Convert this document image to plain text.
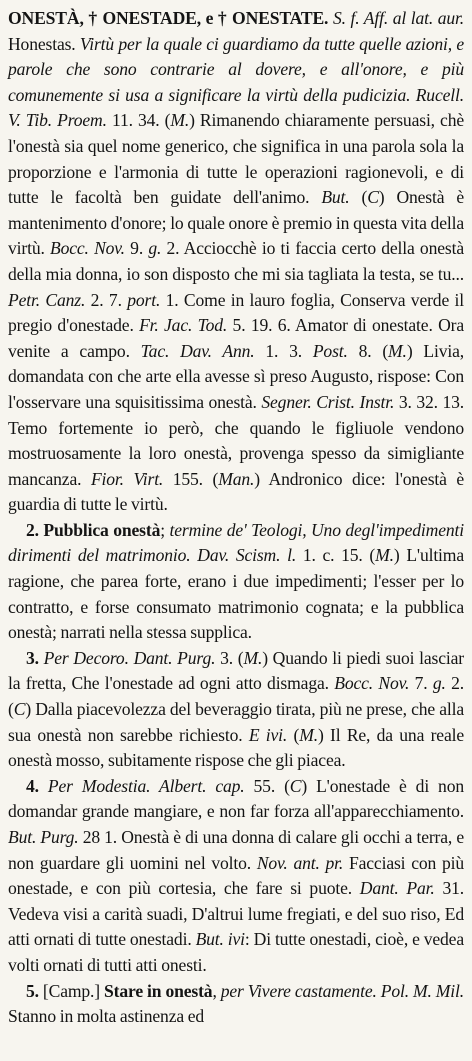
ONESTÀ, † ONESTADE, e † ONESTATE. S. f. Aff. al lat. aur. Honestas. Virtù per la quale ci guardiamo da tutte quelle azioni, e parole che sono contrarie al dovere, e all'onore, e più comunemente si usa a significare la virtù della pudicizia. Rucell. V. Tib. Proem. 11. 34. (M.) Rimanendo chiaramente persuasi, chè l'onestà sia quel nome generico, che significa in una parola sola la proporzione e l'armonia di tutte le operazioni ragionevoli, e di tutte le facoltà ben guidate dell'animo. But. (C) Onestà è mantenimento d'onore; lo quale onore è premio in questa vita della virtù. Bocc. Nov. 9. g. 2. Acciocchè io ti faccia certo della onestà della mia donna, io son disposto che mi sia tagliata la testa, se tu... Petr. Canz. 2. 7. port. 1. Come in lauro foglia, Conserva verde il pregio d'onestade. Fr. Jac. Tod. 5. 19. 6. Amator di onestate. Ora venite a campo. Tac. Dav. Ann. 1. 3. Post. 8. (M.) Livia, domandata con che arte ella avesse sì preso Augusto, rispose: Con l'osservare una squisitissima onestà. Segner. Crist. Instr. 3. 32. 13. Temo fortemente io però, che quando le figliuole vendono mostruosamente la loro onestà, provenga spesso da simigliante mancanza. Fior. Virt. 155. (Man.) Andronico dice: l'onestà è guardia di tutte le virtù.

2. Pubblica onestà; termine de' Teologi, Uno degl'impedimenti dirimenti del matrimonio. Dav. Scism. l. 1. c. 15. (M.) L'ultima ragione, che parea forte, erano i due impedimenti; l'esser per lo contratto, e forse consumato matrimonio cognata; e la pubblica onestà; narrati nella stessa supplica.

3. Per Decoro. Dant. Purg. 3. (M.) Quando li piedi suoi lasciar la fretta, Che l'onestade ad ogni atto dismaga. Bocc. Nov. 7. g. 2. (C) Dalla piacevolezza del beveraggio tirata, più ne prese, che alla sua onestà non sarebbe richiesto. E ivi. (M.) Il Re, da una reale onestà mosso, subitamente rispose che gli piacea.

4. Per Modestia. Albert. cap. 55. (C) L'onestade è di non domandar grande mangiare, e non far forza all'apparecchiamento. But. Purg. 28 1. Onestà è di una donna di calare gli occhi a terra, e non guardare gli uomini nel volto. Nov. ant. pr. Facciasi con più onestade, e con più cortesia, che fare si puote. Dant. Par. 31. Vedeva visi a carità suadi, D'altrui lume fregiati, e del suo riso, Ed atti ornati di tutte onestadi. But. ivi: Di tutte onestadi, cioè, e vedea volti ornati di tutti atti onesti.

5. [Camp.] Stare in onestà, per Vivere castamente. Pol. M. Mil. Stanno in molta astinenza ed
